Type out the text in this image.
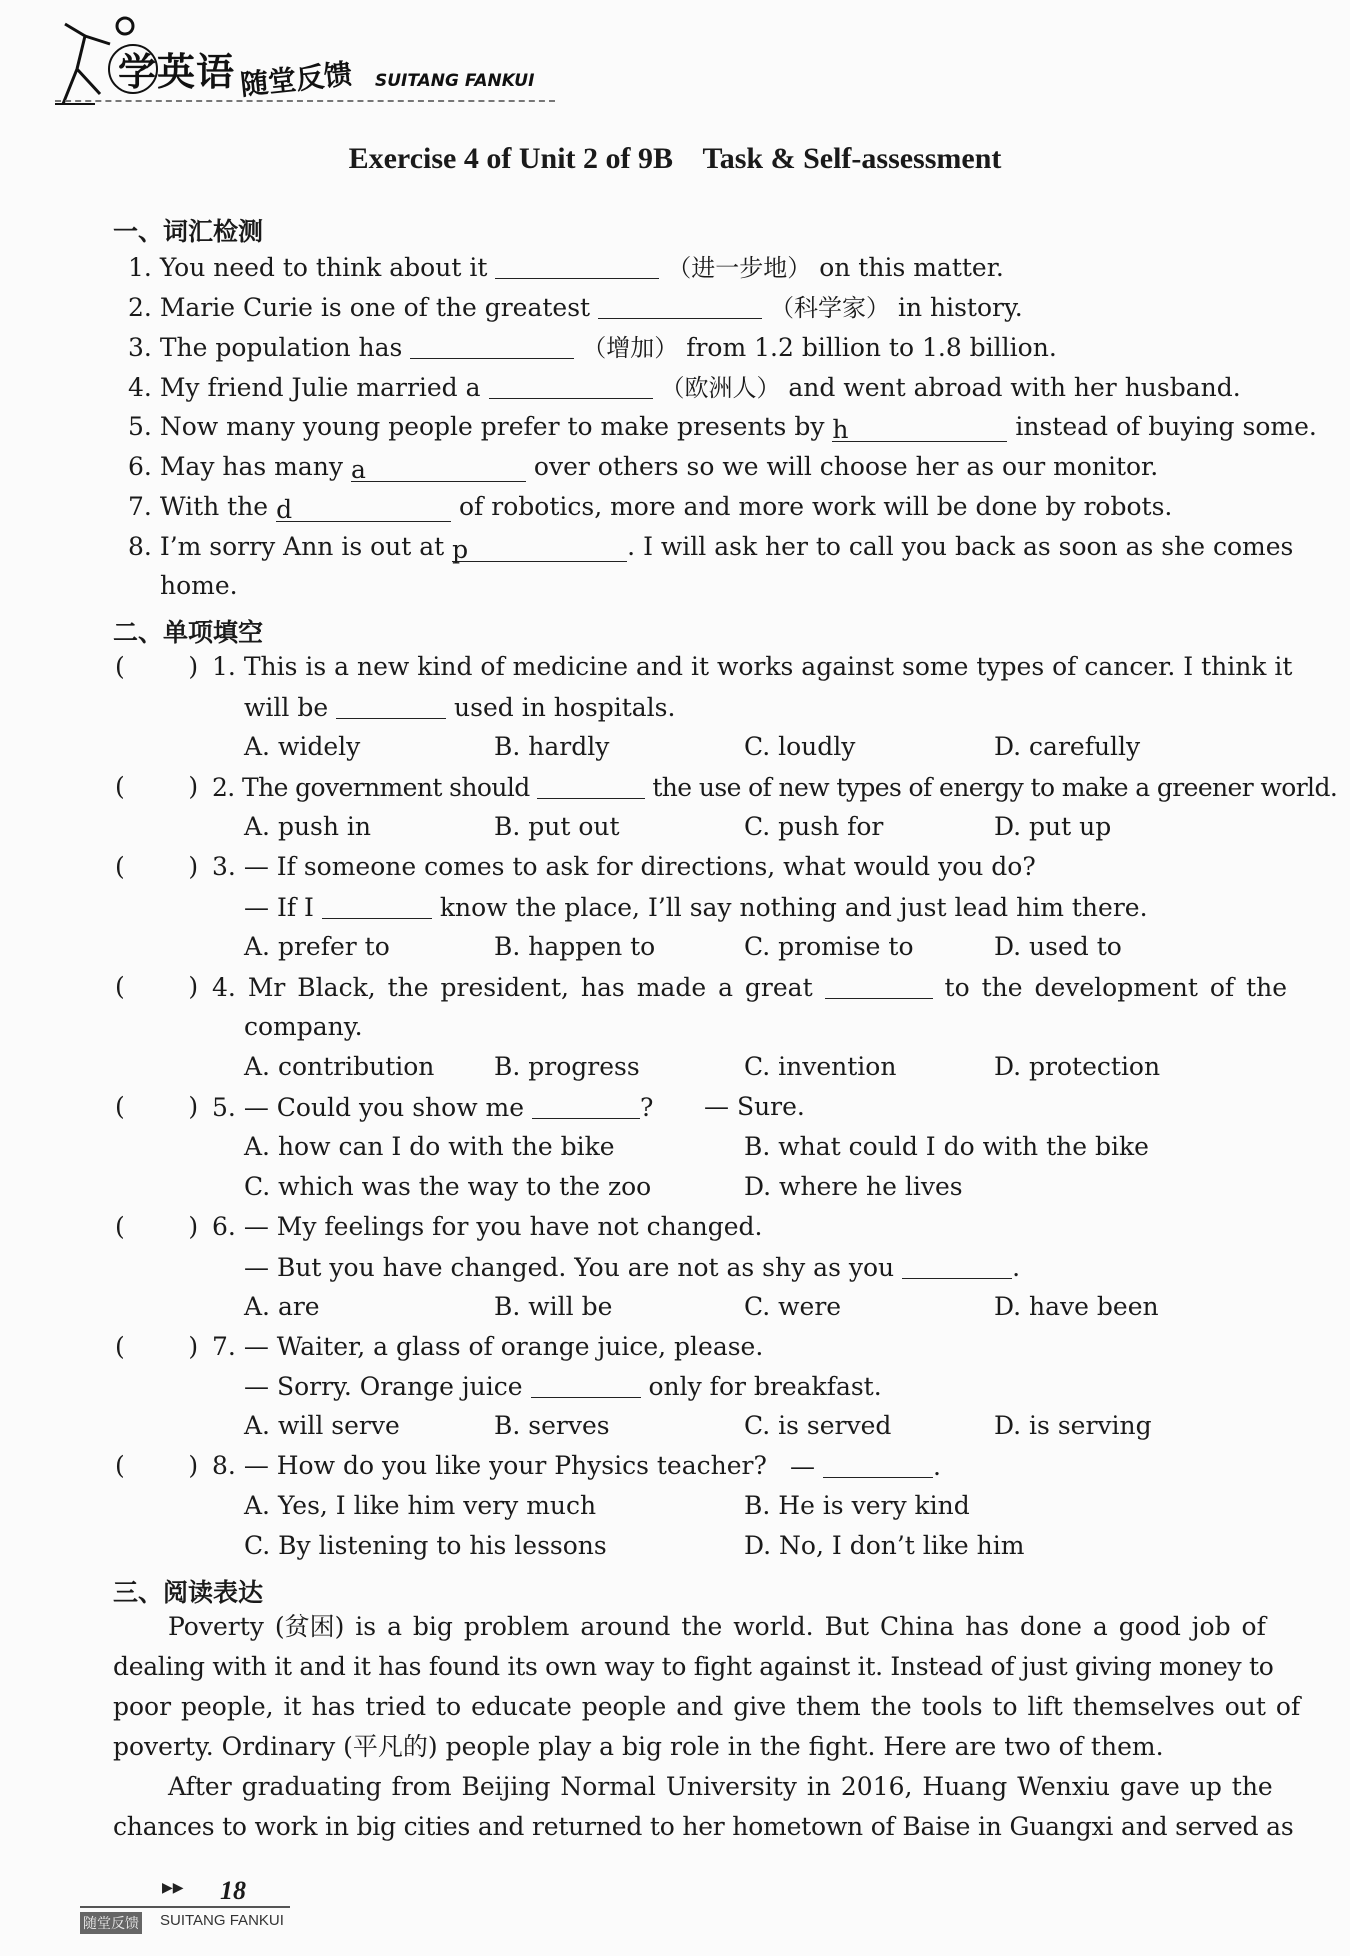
学英语 随堂反馈 SUITANG FANKUI
Exercise 4 of Unit 2 of 9B    Task & Self-assessment
一、词汇检测
1. You need to think about it	（进一步地） on this matter.
2. Marie Curie is one of the greatest	（科学家） in history.
3. The population has	（增加） from 1.2 billion to 1.8 billion.
4. My friend Julie married a	（欧洲人） and went abroad with her husband.
5. Now many young people prefer to make presents by h	instead of buying some.
6. May has many a	over others so we will choose her as our monitor.
7. With the d	of robotics, more and more work will be done by robots.
8. I’m sorry Ann is out at p	. I will ask her to call you back as soon as she comes
home.
二、单项填空
(        ) 1. This is a new kind of medicine and it works against some types of cancer. I think it
will be	used in hospitals.
A. widely	B. hardly	C. loudly	D. carefully
(        ) 2. The government should	the use of new types of energy to make a greener world.
A. push in	B. put out	C. push for	D. put up
(        ) 3. — If someone comes to ask for directions, what would you do?
— If I	know the place, I’ll say nothing and just lead him there.
A. prefer to	B. happen to	C. promise to	D. used to
(        ) 4. Mr Black, the president, has made a great	to the development of the
company.
A. contribution B. progress	C. invention	D. protection
(        ) 5. — Could you show me	? — Sure.
A. how can I do with the bike	B. what could I do with the bike
C. which was the way to the zoo	D. where he lives
(        ) 6. — My feelings for you have not changed.
— But you have changed. You are not as shy as you	.
A. are	B. will be	C. were	D. have been
(        ) 7. — Waiter, a glass of orange juice, please.
— Sorry. Orange juice	only for breakfast.
A. will serve	B. serves	C. is served	D. is serving
(        ) 8. — How do you like your Physics teacher? —	.
A. Yes, I like him very much	B. He is very kind
C. By listening to his lessons	D. No, I don’t like him
三、阅读表达
Poverty (贫困) is a big problem around the world. But China has done a good job of
dealing with it and it has found its own way to fight against it. Instead of just giving money to
poor people, it has tried to educate people and give them the tools to lift themselves out of
poverty. Ordinary (平凡的) people play a big role in the fight. Here are two of them.
After graduating from Beijing Normal University in 2016, Huang Wenxiu gave up the
chances to work in big cities and returned to her hometown of Baise in Guangxi and served as
▶▶ 18
随堂反馈 SUITANG FANKUI
